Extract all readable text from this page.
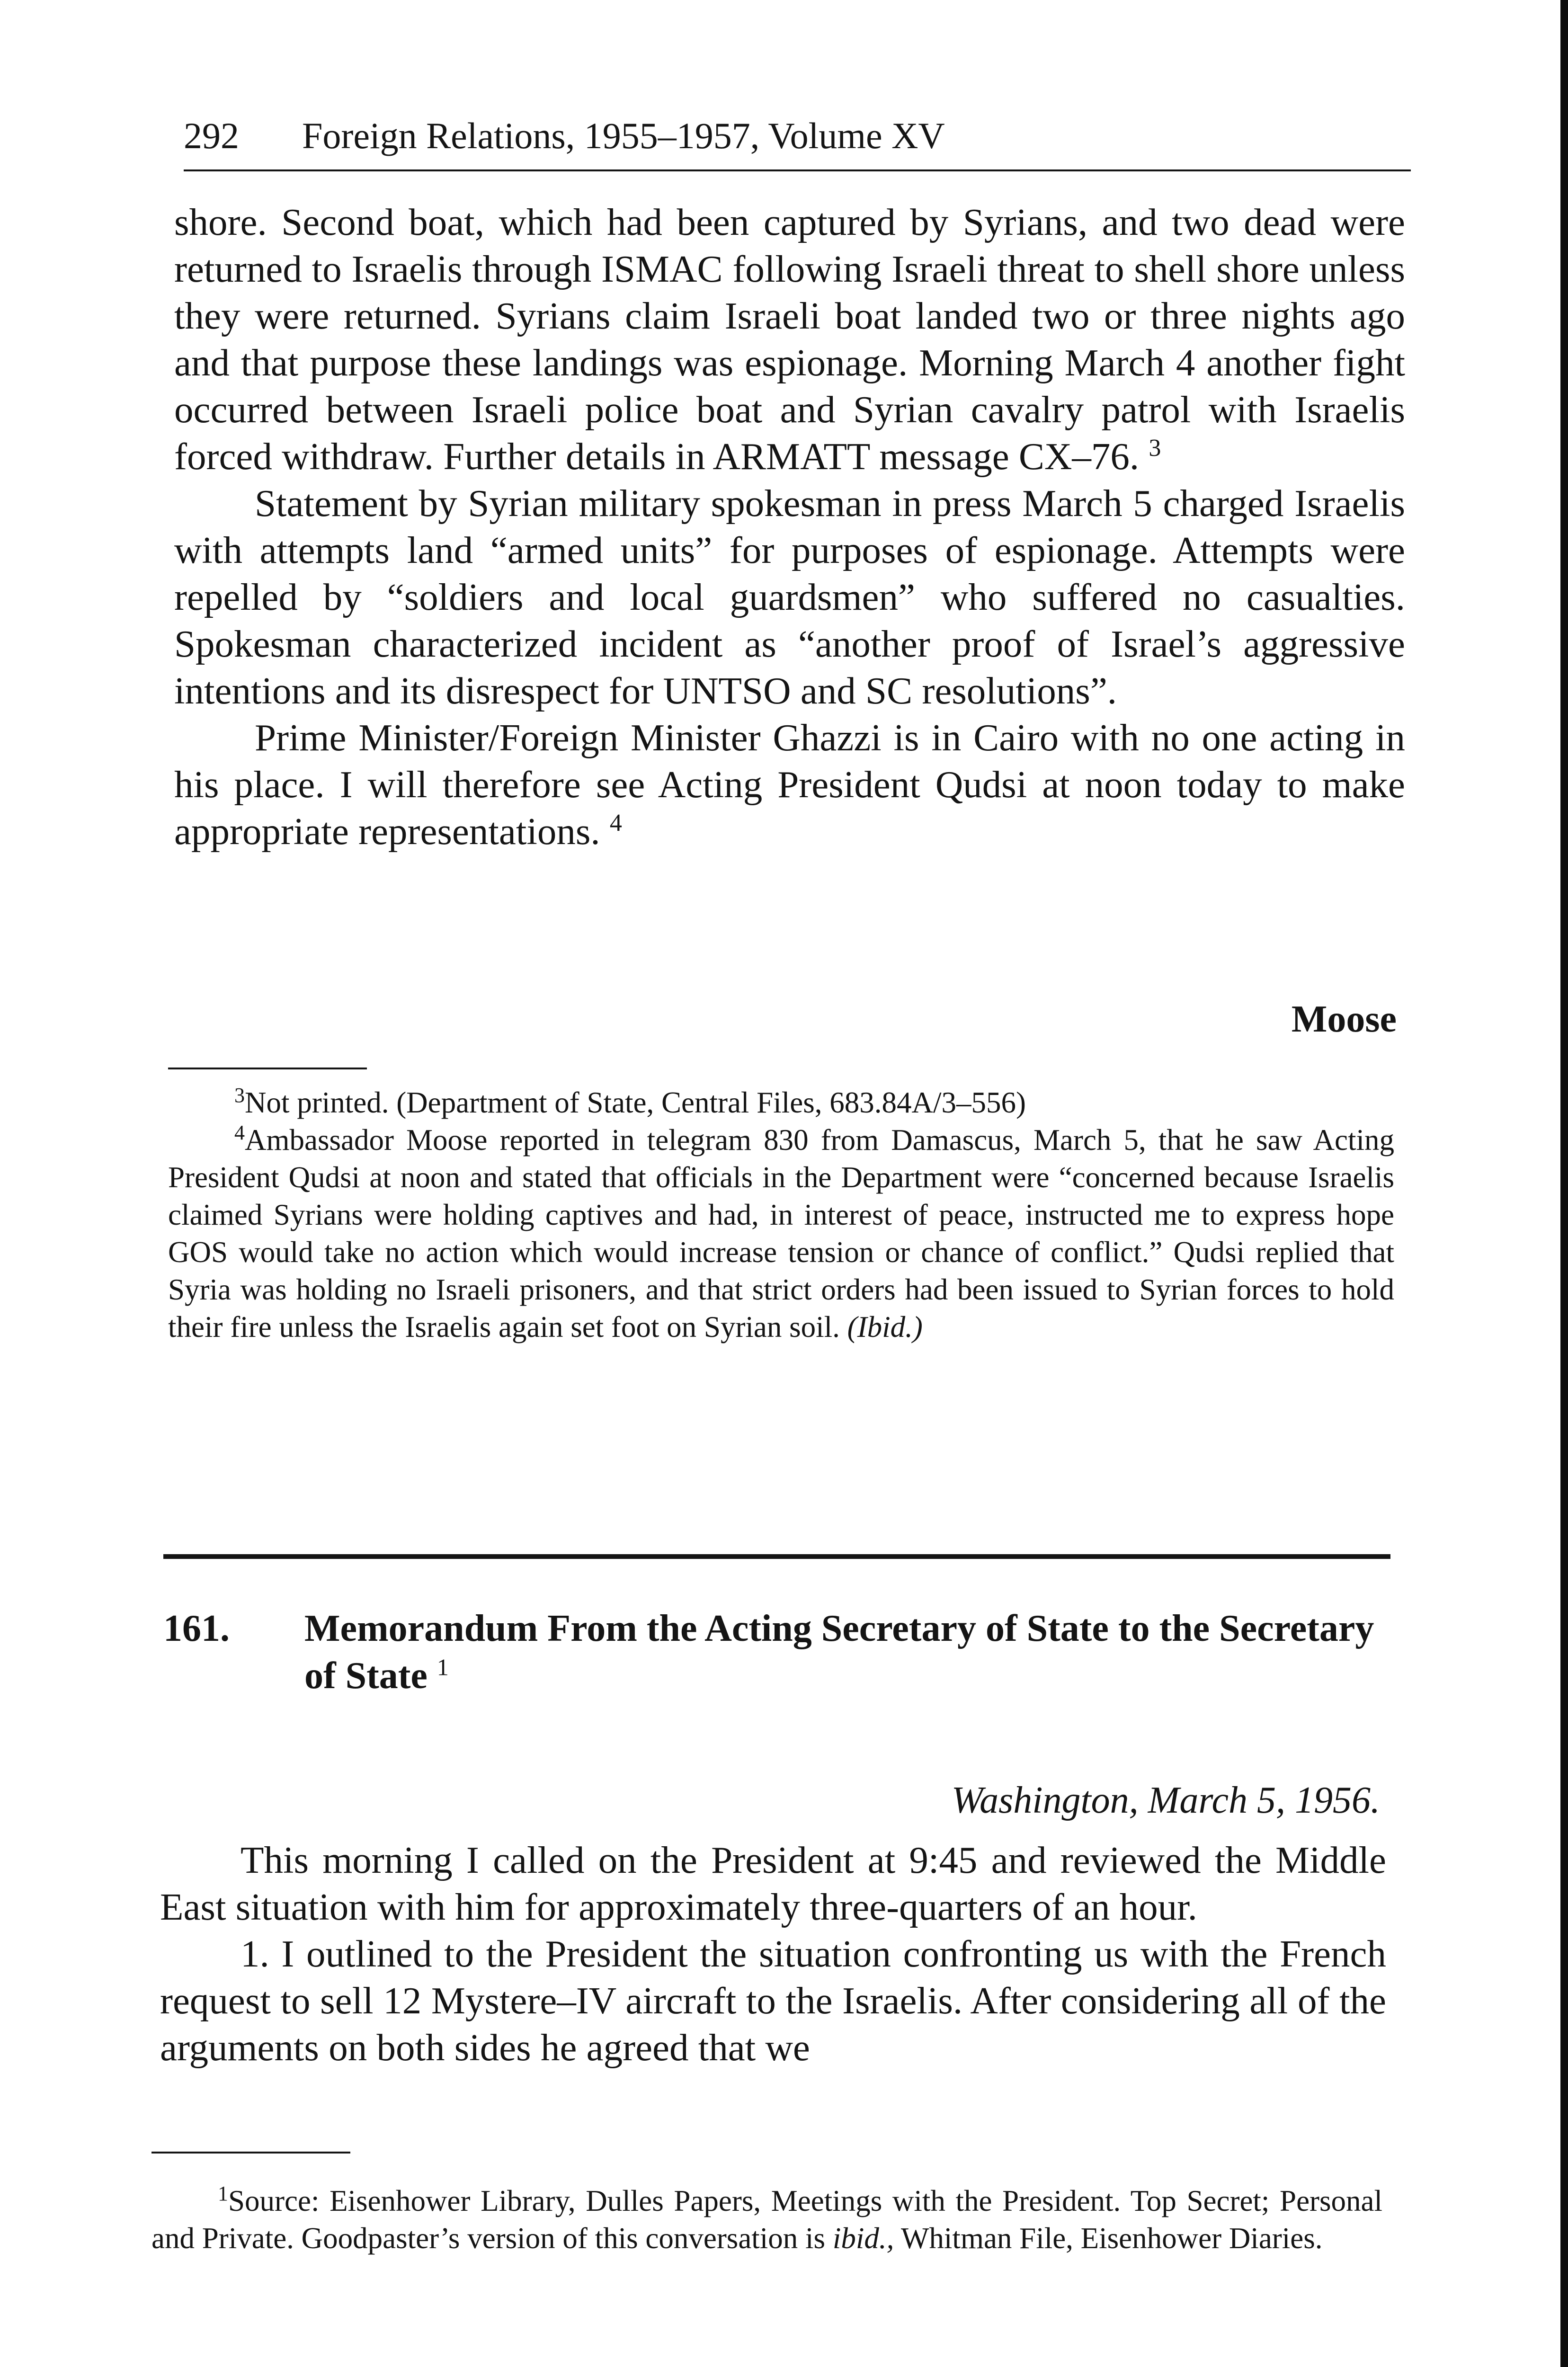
292 Foreign Relations, 1955–1957, Volume XV

shore. Second boat, which had been captured by Syrians, and two dead were returned to Israelis through ISMAC following Israeli threat to shell shore unless they were returned. Syrians claim Israeli boat landed two or three nights ago and that purpose these landings was espionage. Morning March 4 another fight occurred between Israeli police boat and Syrian cavalry patrol with Israelis forced withdraw. Further details in ARMATT message CX–76. $^3$

Statement by Syrian military spokesman in press March 5 charged Israelis with attempts land “armed units” for purposes of espionage. Attempts were repelled by “soldiers and local guardsmen” who suffered no casualties. Spokesman characterized incident as “another proof of Israel’s aggressive intentions and its disrespect for UNTSO and SC resolutions”.

Prime Minister/Foreign Minister Ghazzi is in Cairo with no one acting in his place. I will therefore see Acting President Qudsi at noon today to make appropriate representations. $^4$

Moose

$^3$Not printed. (Department of State, Central Files, 683.84A/3–556)

$^4$Ambassador Moose reported in telegram 830 from Damascus, March 5, that he saw Acting President Qudsi at noon and stated that officials in the Department were “concerned because Israelis claimed Syrians were holding captives and had, in interest of peace, instructed me to express hope GOS would take no action which would increase tension or chance of conflict.” Qudsi replied that Syria was holding no Israeli prisoners, and that strict orders had been issued to Syrian forces to hold their fire unless the Israelis again set foot on Syrian soil. (Ibid.)

161. Memorandum From the Acting Secretary of State to the Secretary of State $^1$
Washington, March 5, 1956.

This morning I called on the President at 9:45 and reviewed the Middle East situation with him for approximately three-quarters of an hour.

1. I outlined to the President the situation confronting us with the French request to sell 12 Mystere–IV aircraft to the Israelis. After considering all of the arguments on both sides he agreed that we

$^1$Source: Eisenhower Library, Dulles Papers, Meetings with the President. Top Secret; Personal and Private. Goodpaster’s version of this conversation is ibid., Whitman File, Eisenhower Diaries.
